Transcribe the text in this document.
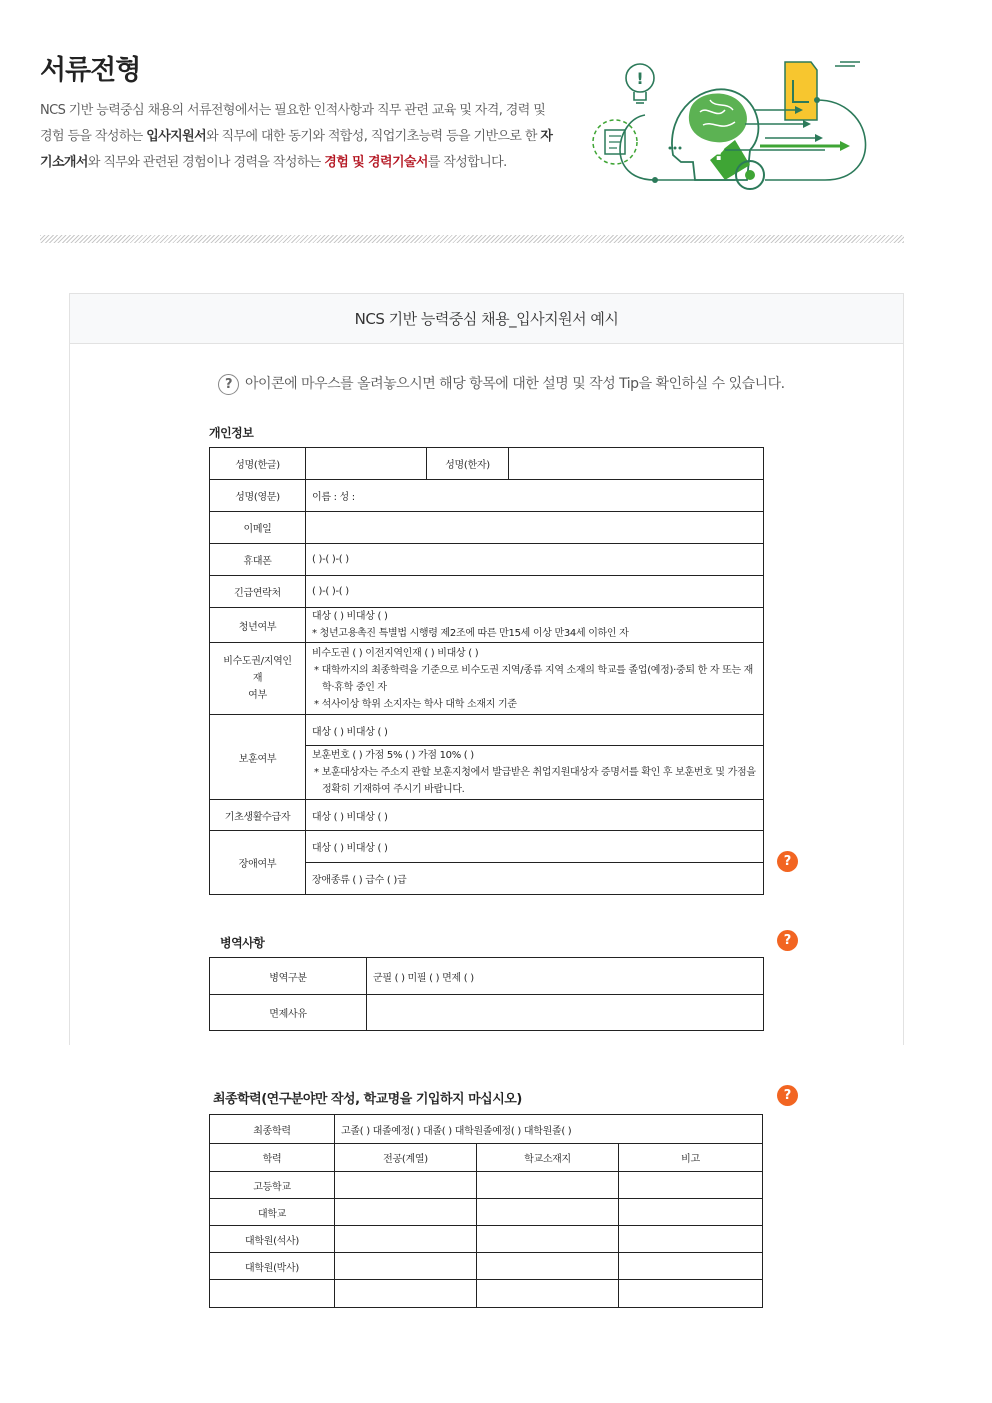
서류전형

NCS 기반 능력중심 채용의 서류전형에서는 필요한 인적사항과 직무 관련 교육 및 자격, 경력 및 경험 등을 작성하는 입사지원서와 직무에 대한 동기와 적합성, 직업기초능력 등을 기반으로 한 자기소개서와 직무와 관련된 경험이나 경력을 작성하는 경험 및 경력기술서를 작성합니다.

!
?
NCS 기반 능력중심 채용_입사지원서 예시
? 아이콘에 마우스를 올려놓으시면 해당 항목에 대한 설명 및 작성 Tip을 확인하실 수 있습니다.
개인정보
성명(한글)		성명(한자)	
성명(영문)	이름 : 성 :		
이메일			
휴대폰	( )-( )-( )		
긴급연락처	( )-( )-( )		
청년여부	대상 ( ) 비대상 ( )
* 청년고용촉진 특별법 시행령 제2조에 따른 만15세 이상 만34세 이하인 자		

비수도권/지역인
재
여부	비수도권 ( ) 이전지역인재 ( ) 비대상 ( )
* 대학까지의 최종학력을 기준으로 비수도권 지역/종류 지역 소재의 학교를 졸업(예정)·중퇴 한 자 또는 재학·휴학 중인 자
* 석사이상 학위 소지자는 학사 대학 소재지 기준		

보훈여부	대상 ( ) 비대상 ( )		

	보훈번호 ( ) 가점 5% ( ) 가점 10% ( )
* 보훈대상자는 주소지 관할 보훈지청에서 발급받은 취업지원대상자 증명서를 확인 후 보훈번호 및 가점을 정확히 기재하여 주시기 바랍니다.		

기초생활수급자	대상 ( ) 비대상 ( )		
장애여부	대상 ( ) 비대상 ( )		
	장애종류 ( ) 급수 ( )급		
?
병역사항	?
병역구분	군필 ( ) 미필 ( ) 면제 ( )
면제사유	
최종학력(연구분야만 작성, 학교명을 기입하지 마십시오)	?
최종학력	고졸( ) 대졸예정( ) 대졸( ) 대학원졸예정( ) 대학원졸( )		
학력	전공(계열)	학교소재지	비고
고등학교			
대학교			
대학원(석사)			
대학원(박사)			
